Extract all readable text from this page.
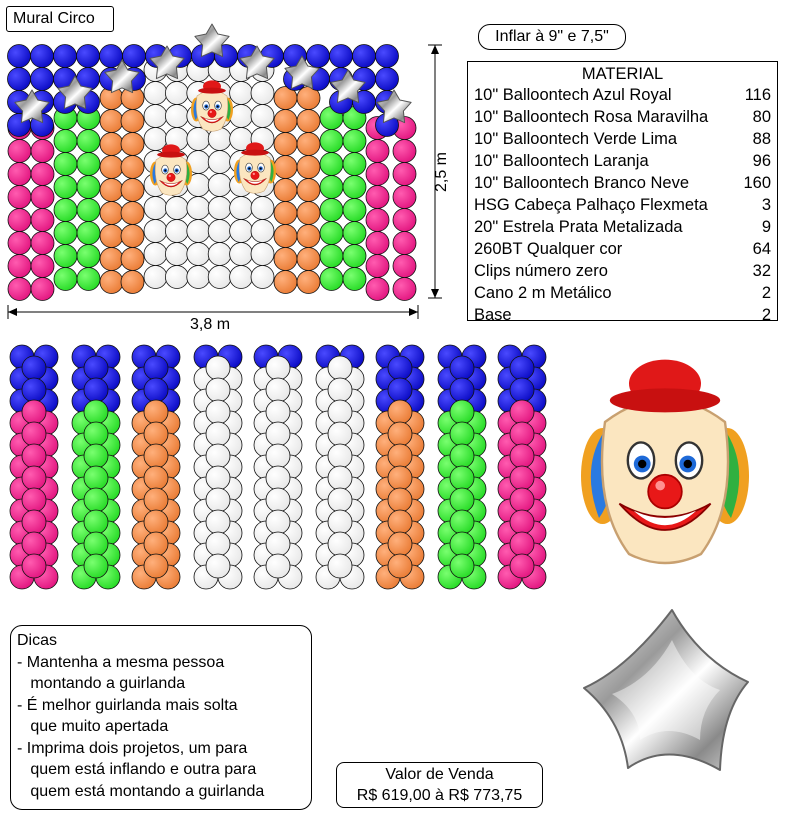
Mural Circo
Inflar à 9" e 7,5"
3,8 m
2,5 m
MATERIAL
10" Balloontech Azul Royal	116
10" Balloontech Rosa Maravilha	80
10" Balloontech Verde Lima	88
10" Balloontech Laranja	96
10" Balloontech Branco Neve	160
HSG Cabeça Palhaço Flexmeta	3
20" Estrela Prata Metalizada	9
260BT Qualquer cor	64
Clips número zero	32
Cano 2 m Metálico	2
Base	2
Dicas
- Mantenha a mesma pessoa
montando a guirlanda
- É melhor guirlanda mais solta
que muito apertada
- Imprima dois projetos, um para
quem está inflando e outra para
quem está montando a guirlanda
Valor de Venda
R$ 619,00 à R$ 773,75
